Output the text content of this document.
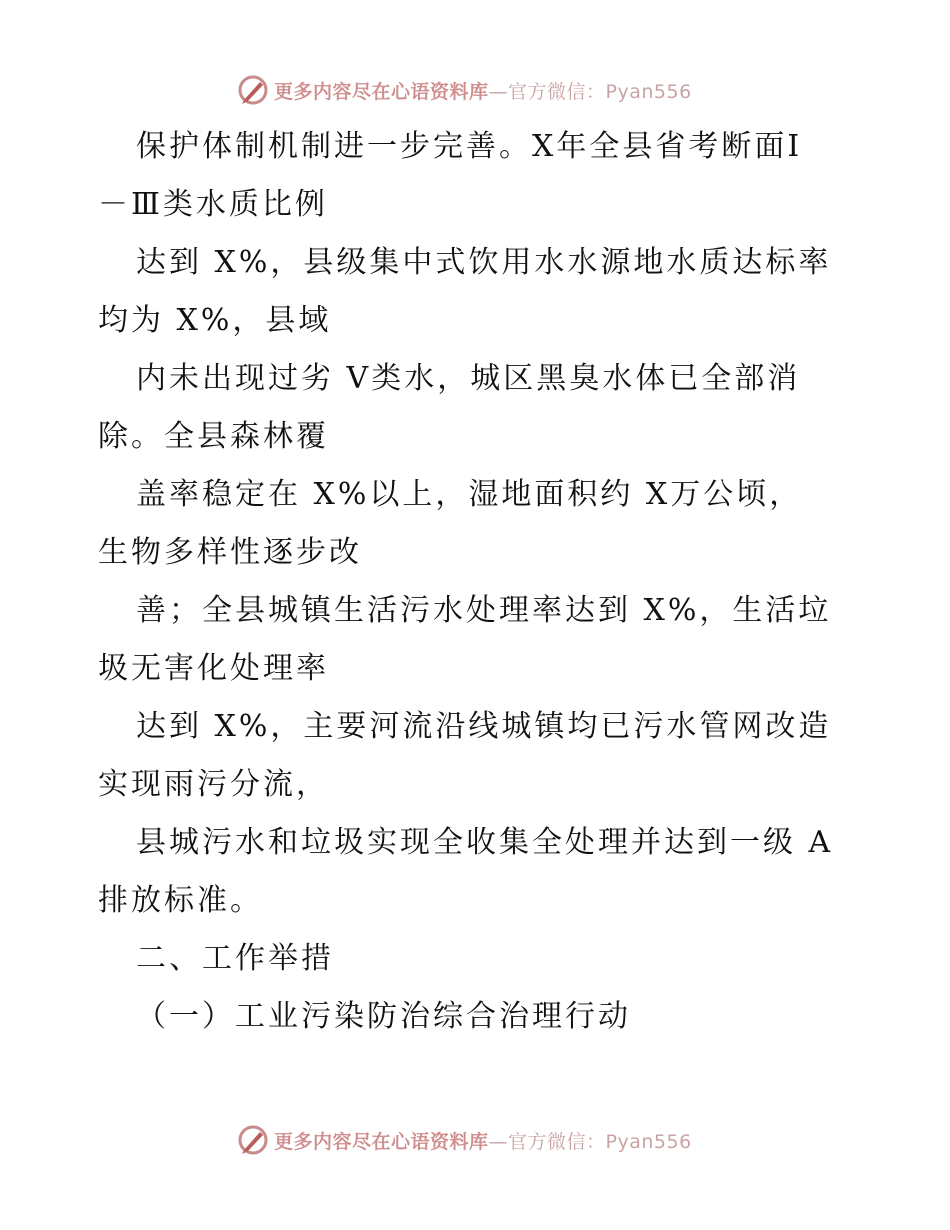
更多内容尽在心语资料库—官方微信：Pyan556
保护体制机制进一步完善。X年全县省考断面Ⅰ
－Ⅲ类水质比例
达到 X%，县级集中式饮用水水源地水质达标率
均为 X%，县域
内未出现过劣 V类水，城区黑臭水体已全部消
除。全县森林覆
盖率稳定在 X%以上，湿地面积约 X万公顷，
生物多样性逐步改
善；全县城镇生活污水处理率达到 X%，生活垃
圾无害化处理率
达到 X%，主要河流沿线城镇均已污水管网改造
实现雨污分流，
县城污水和垃圾实现全收集全处理并达到一级 A
排放标准。
二、工作举措
（一）工业污染防治综合治理行动
更多内容尽在心语资料库—官方微信：Pyan556
